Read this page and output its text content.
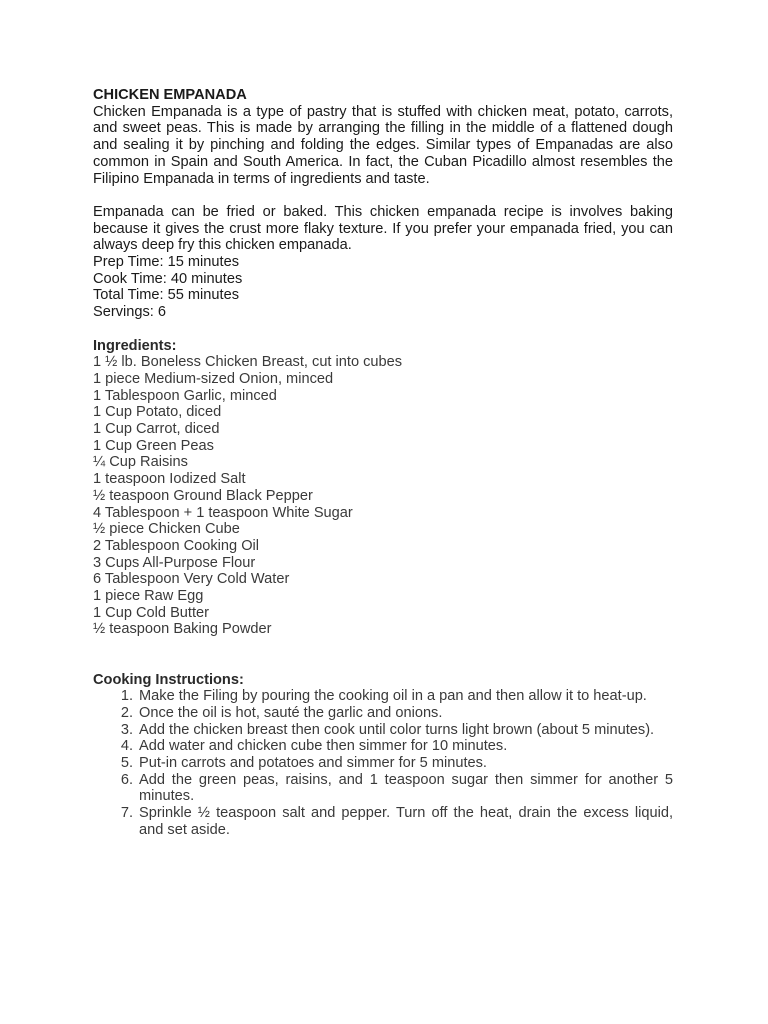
CHICKEN EMPANADA

Chicken Empanada is a type of pastry that is stuffed with chicken meat, potato, carrots, and sweet peas. This is made by arranging the filling in the middle of a flattened dough and sealing it by pinching and folding the edges. Similar types of Empanadas are also common in Spain and South America. In fact, the Cuban Picadillo almost resembles the Filipino Empanada in terms of ingredients and taste.

Empanada can be fried or baked. This chicken empanada recipe is involves baking because it gives the crust more flaky texture. If you prefer your empanada fried, you can always deep fry this chicken empanada.

Prep Time: 15 minutes

Cook Time: 40 minutes

Total Time: 55 minutes

Servings: 6

Ingredients:

1 ½ lb. Boneless Chicken Breast, cut into cubes
1 piece Medium-sized Onion, minced
1 Tablespoon Garlic, minced
1 Cup Potato, diced
1 Cup Carrot, diced
1 Cup Green Peas
¼ Cup Raisins
1 teaspoon Iodized Salt
½ teaspoon Ground Black Pepper
4 Tablespoon + 1 teaspoon White Sugar
½ piece Chicken Cube
2 Tablespoon Cooking Oil
3 Cups All-Purpose Flour
6 Tablespoon Very Cold Water
1 piece Raw Egg
1 Cup Cold Butter
½ teaspoon Baking Powder

Cooking Instructions:

1. Make the Filing by pouring the cooking oil in a pan and then allow it to heat-up.
2. Once the oil is hot, sauté the garlic and onions.
3. Add the chicken breast then cook until color turns light brown (about 5 minutes).
4. Add water and chicken cube then simmer for 10 minutes.
5. Put-in carrots and potatoes and simmer for 5 minutes.
6. Add the green peas, raisins, and 1 teaspoon sugar then simmer for another 5 minutes.
7. Sprinkle ½ teaspoon salt and pepper. Turn off the heat, drain the excess liquid, and set aside.
